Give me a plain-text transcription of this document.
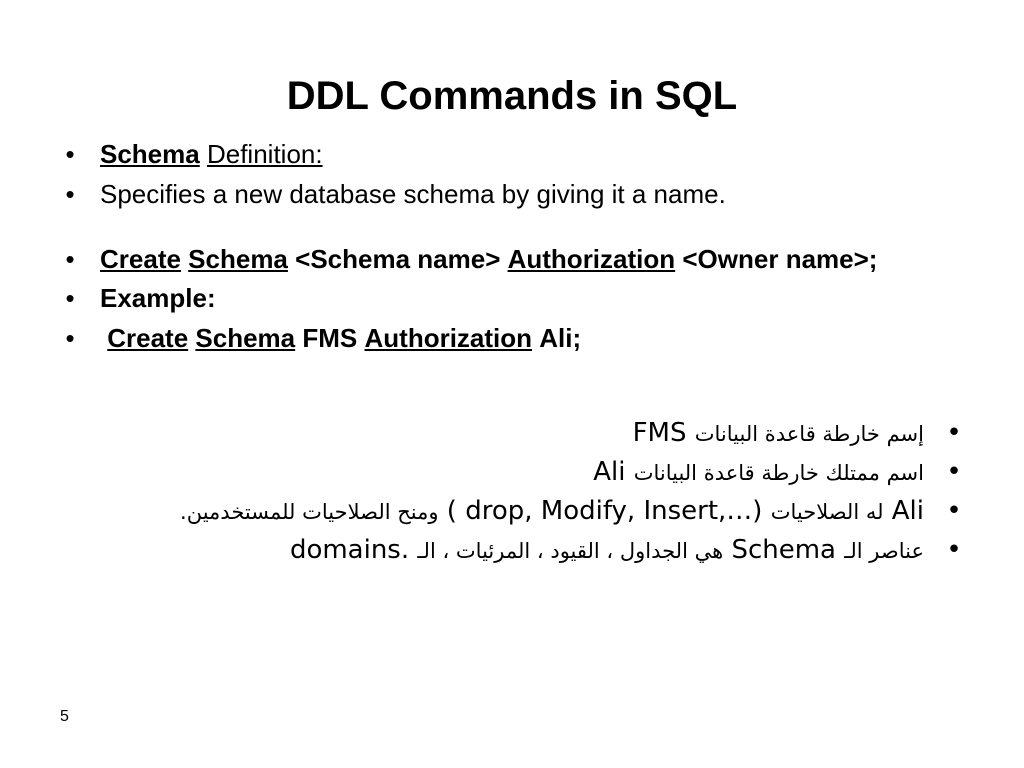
DDL Commands in SQL
• Schema Definition:
• Specifies a new database schema by giving it a name.
• Create Schema <Schema name> Authorization <Owner name>;
• Example:
• Create Schema FMS Authorization Ali;
•
إسم خارطة قاعدة البيانات FMS
•
اسم ممتلك خارطة قاعدة البيانات Ali
•
Ali له الصلاحيات ( drop, Modify, Insert,…) ومنح الصلاحيات للمستخدمين.
•
عناصر الـ Schema هي الجداول ، القيود ، المرئيات ، الـ domains.
5
